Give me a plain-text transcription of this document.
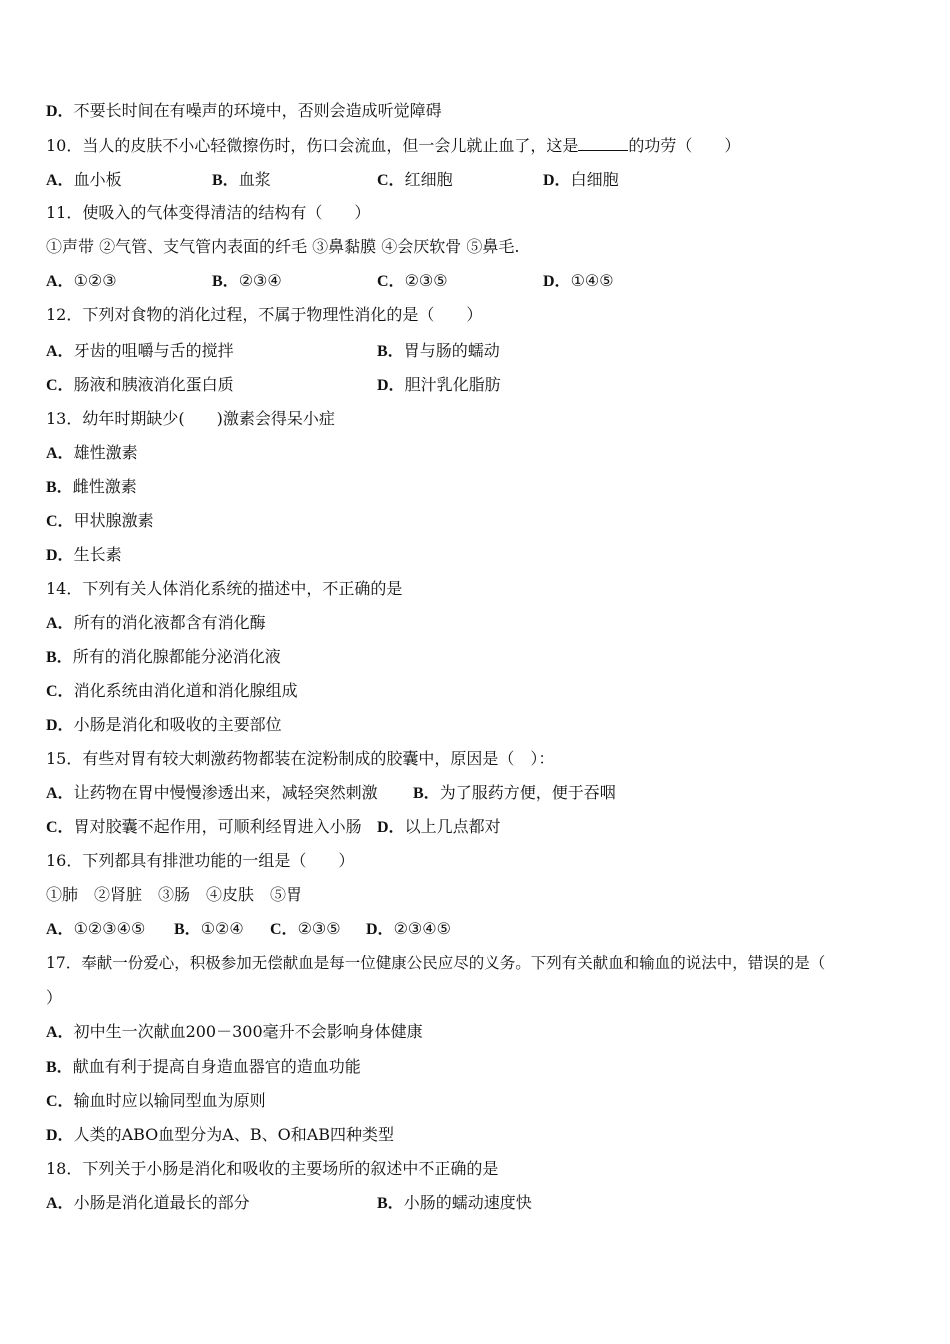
D．不要长时间在有噪声的环境中，否则会造成听觉障碍
10．当人的皮肤不小心轻微擦伤时，伤口会流血，但一会儿就止血了，这是	的功劳（　　）
A．血小板	B．血浆	C．红细胞	D．白细胞
11．使吸入的气体变得清洁的结构有（　　）
①声带 ②气管、支气管内表面的纤毛 ③鼻黏膜 ④会厌软骨 ⑤鼻毛.
A．①②③	B．②③④	C．②③⑤	D．①④⑤
12．下列对食物的消化过程，不属于物理性消化的是（　　）
A．牙齿的咀嚼与舌的搅拌	B．胃与肠的蠕动
C．肠液和胰液消化蛋白质	D．胆汁乳化脂肪
13．幼年时期缺少(　　)激素会得呆小症
A．雄性激素
B．雌性激素
C．甲状腺激素
D．生长素
14．下列有关人体消化系统的描述中，不正确的是
A．所有的消化液都含有消化酶
B．所有的消化腺都能分泌消化液
C．消化系统由消化道和消化腺组成
D．小肠是消化和吸收的主要部位
15．有些对胃有较大刺激药物都装在淀粉制成的胶囊中，原因是（　）：
A．让药物在胃中慢慢渗透出来，减轻突然刺激 B．为了服药方便，便于吞咽
C．胃对胶囊不起作用，可顺利经胃进入小肠 D．以上几点都对
16．下列都具有排泄功能的一组是（　　）
①肺　②肾脏　③肠　④皮肤　⑤胃
A．①②③④⑤ B．①②④ C．②③⑤ D．②③④⑤
17．奉献一份爱心，积极参加无偿献血是每一位健康公民应尽的义务。下列有关献血和输血的说法中，错误的是（
）
A．初中生一次献血200－300毫升不会影响身体健康
B．献血有利于提高自身造血器官的造血功能
C．输血时应以输同型血为原则
D．人类的ABO血型分为A、B、O和AB四种类型
18．下列关于小肠是消化和吸收的主要场所的叙述中不正确的是
A．小肠是消化道最长的部分	B．小肠的蠕动速度快
